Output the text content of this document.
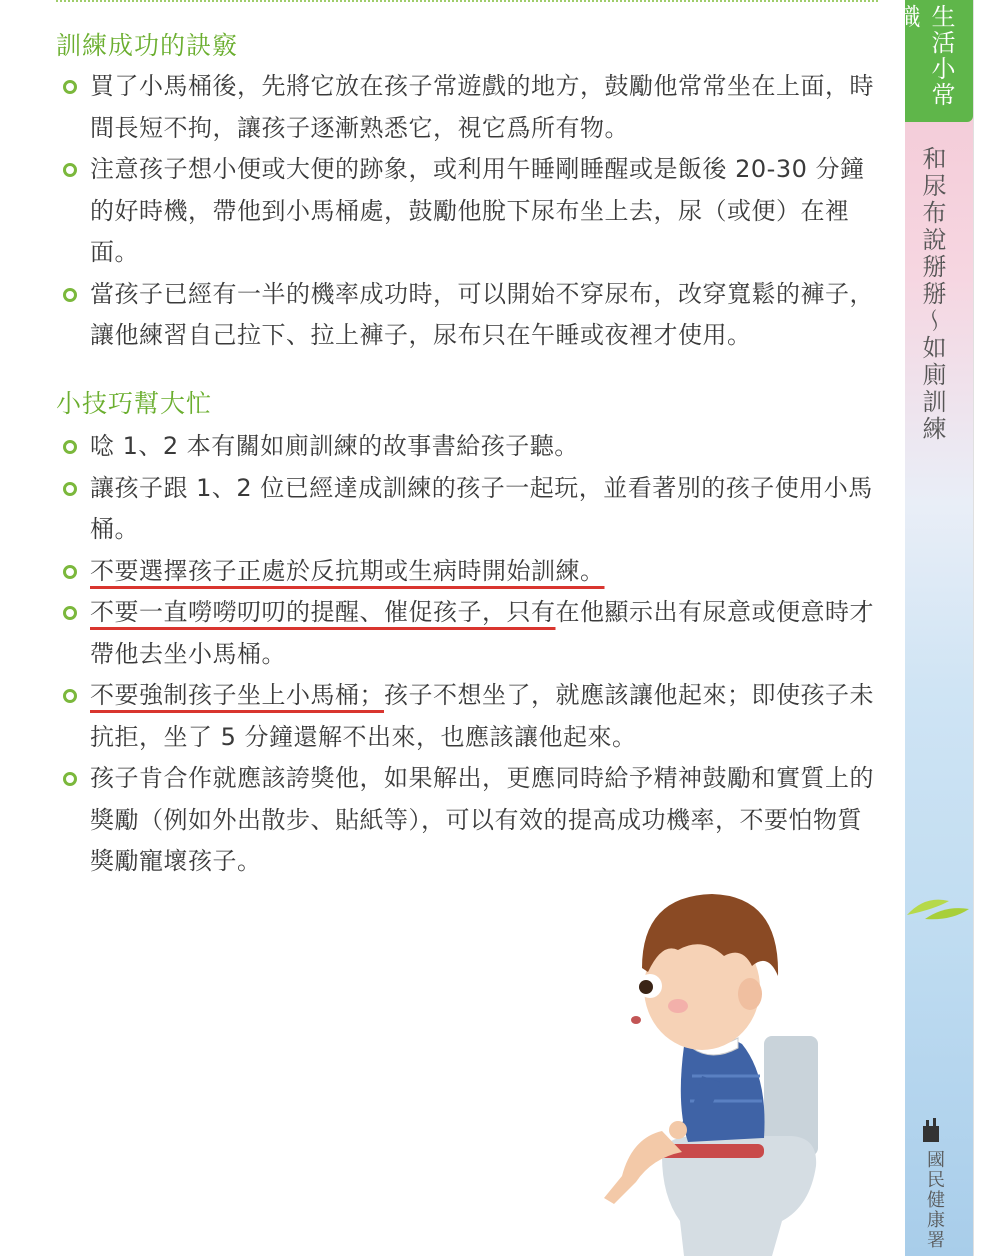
訓練成功的訣竅
買了小馬桶後，先將它放在孩子常遊戲的地方，鼓勵他常常坐在上面，時間長短不拘，讓孩子逐漸熟悉它，視它爲所有物。
注意孩子想小便或大便的跡象，或利用午睡剛睡醒或是飯後 20-30 分鐘的好時機，帶他到小馬桶處，鼓勵他脫下尿布坐上去，尿（或便）在裡面。
當孩子已經有一半的機率成功時，可以開始不穿尿布，改穿寬鬆的褲子，讓他練習自己拉下、拉上褲子，尿布只在午睡或夜裡才使用。
小技巧幫大忙
唸 1、2 本有關如廁訓練的故事書給孩子聽。
讓孩子跟 1、2 位已經達成訓練的孩子一起玩，並看著別的孩子使用小馬桶。
不要選擇孩子正處於反抗期或生病時開始訓練。
不要一直嘮嘮叨叨的提醒、催促孩子，只有在他顯示出有尿意或便意時才帶他去坐小馬桶。
不要強制孩子坐上小馬桶；孩子不想坐了，就應該讓他起來；即使孩子未抗拒，坐了 5 分鐘還解不出來，也應該讓他起來。
孩子肯合作就應該誇獎他，如果解出，更應同時給予精神鼓勵和實質上的獎勵（例如外出散步、貼紙等），可以有效的提高成功機率，不要怕物質獎勵寵壞孩子。
生活小常識
和尿布說掰掰～如廁訓練
國民健康署
